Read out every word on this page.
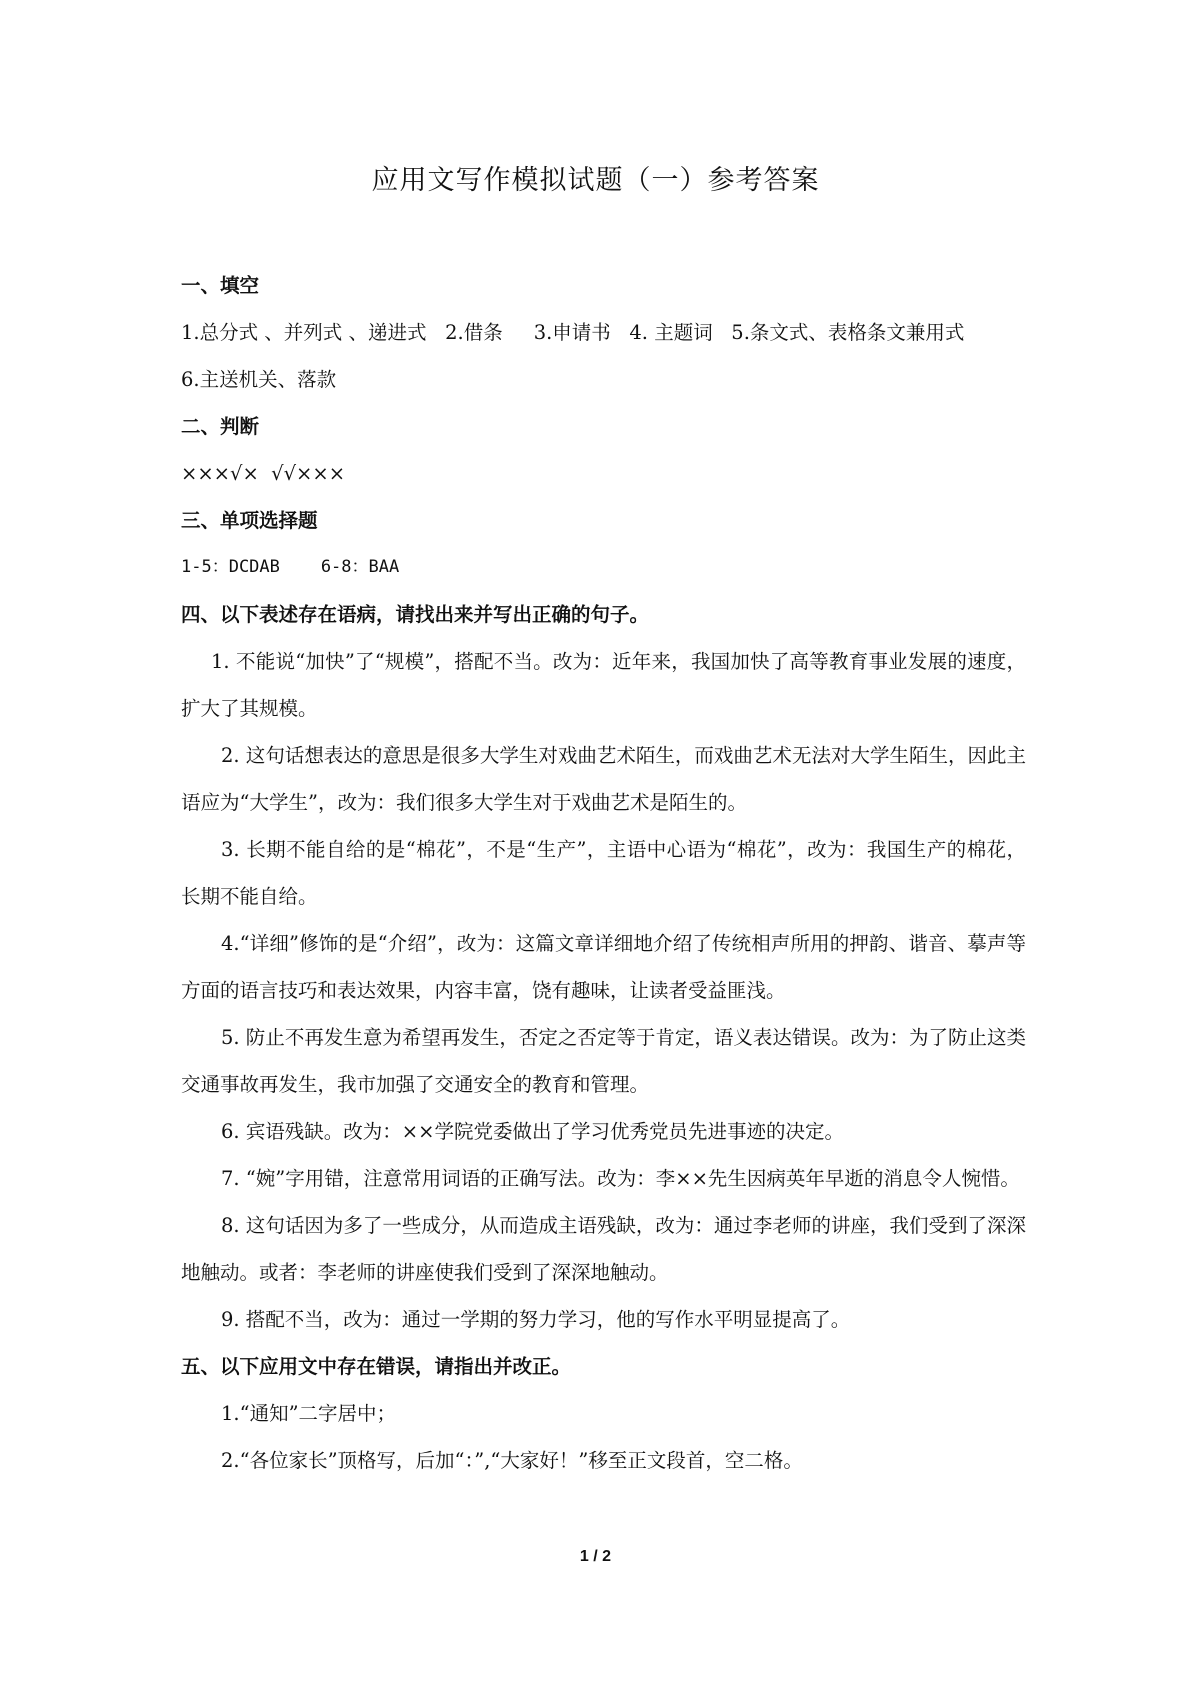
应用文写作模拟试题（一）参考答案

一、填空

1.总分式 、并列式 、递进式   2.借条     3.申请书   4. 主题词   5.条文式、表格条文兼用式

6.主送机关、落款

二、判断

×××√×  √√×××

三、单项选择题

1-5：DCDAB    6-8：BAA

四、以下表述存在语病，请找出来并写出正确的句子。

1. 不能说“加快”了“规模”，搭配不当。改为：近年来，我国加快了高等教育事业发展的速度，扩大了其规模。

2. 这句话想表达的意思是很多大学生对戏曲艺术陌生，而戏曲艺术无法对大学生陌生，因此主语应为“大学生”，改为：我们很多大学生对于戏曲艺术是陌生的。

3. 长期不能自给的是“棉花”，不是“生产”，主语中心语为“棉花”，改为：我国生产的棉花，长期不能自给。

4.“详细”修饰的是“介绍”，改为：这篇文章详细地介绍了传统相声所用的押韵、谐音、摹声等方面的语言技巧和表达效果，内容丰富，饶有趣味，让读者受益匪浅。

5. 防止不再发生意为希望再发生，否定之否定等于肯定，语义表达错误。改为：为了防止这类交通事故再发生，我市加强了交通安全的教育和管理。

6. 宾语残缺。改为：××学院党委做出了学习优秀党员先进事迹的决定。

7. “婉”字用错，注意常用词语的正确写法。改为：李××先生因病英年早逝的消息令人惋惜。

8. 这句话因为多了一些成分，从而造成主语残缺，改为：通过李老师的讲座，我们受到了深深地触动。或者：李老师的讲座使我们受到了深深地触动。

9. 搭配不当，改为：通过一学期的努力学习，他的写作水平明显提高了。

五、以下应用文中存在错误，请指出并改正。

1.“通知”二字居中；

2.“各位家长”顶格写，后加“：”,“大家好！”移至正文段首，空二格。

1 / 2
